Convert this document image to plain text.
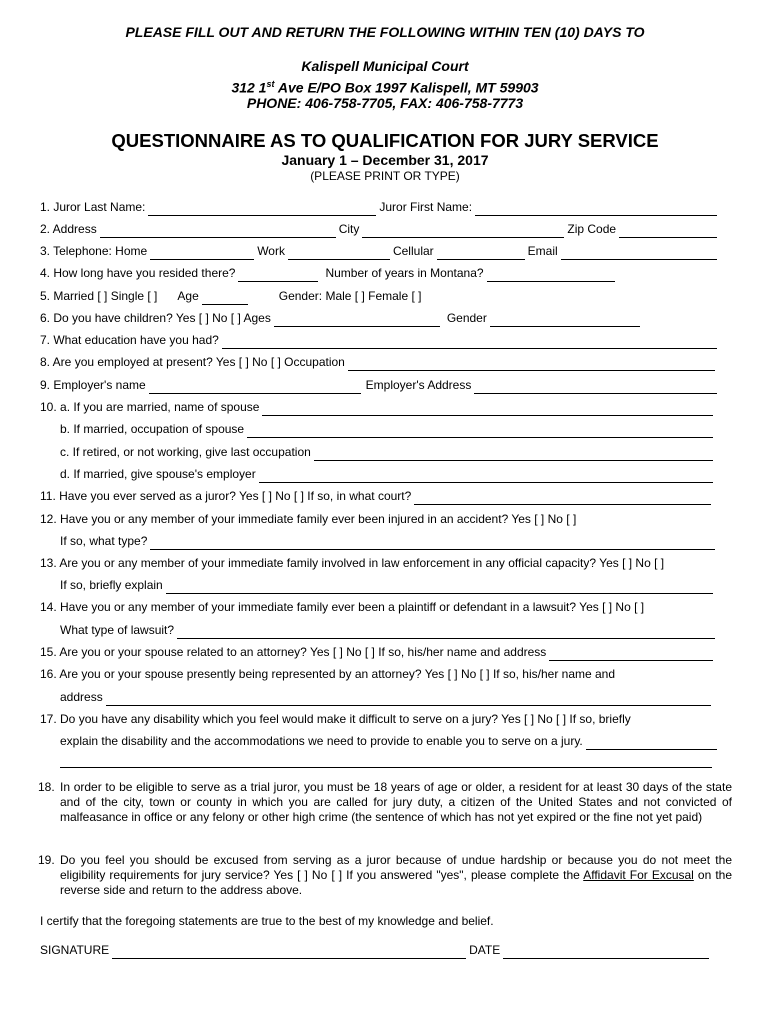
PLEASE FILL OUT AND RETURN THE FOLLOWING WITHIN TEN (10) DAYS TO
Kalispell Municipal Court
312 1st Ave E/PO Box 1997 Kalispell, MT 59903
PHONE: 406-758-7705, FAX: 406-758-7773
QUESTIONNAIRE AS TO QUALIFICATION FOR JURY SERVICE
January 1 – December 31, 2017
(PLEASE PRINT OR TYPE)
1. Juror Last Name:	Juror First Name:
2. Address	City	Zip Code
3. Telephone: Home	Work	Cellular	Email
4. How long have you resided there?	Number of years in Montana?
5. Married [ ] Single [ ] Age	Gender: Male [ ] Female [ ]
6. Do you have children? Yes [ ] No [ ] Ages	Gender
7. What education have you had?
8. Are you employed at present? Yes [ ] No [ ] Occupation
9. Employer's name	Employer's Address
10. a. If you are married, name of spouse
b. If married, occupation of spouse
c. If retired, or not working, give last occupation
d. If married, give spouse's employer
11. Have you ever served as a juror? Yes [ ] No [ ] If so, in what court?
12. Have you or any member of your immediate family ever been injured in an accident? Yes [ ] No [ ]
If so, what type?
13. Are you or any member of your immediate family involved in law enforcement in any official capacity? Yes [ ] No [ ]
If so, briefly explain
14. Have you or any member of your immediate family ever been a plaintiff or defendant in a lawsuit? Yes [ ] No [ ]
What type of lawsuit?
15. Are you or your spouse related to an attorney? Yes [ ] No [ ] If so, his/her name and address
16. Are you or your spouse presently being represented by an attorney? Yes [ ] No [ ] If so, his/her name and
address
17. Do you have any disability which you feel would make it difficult to serve on a jury? Yes [ ] No [ ] If so, briefly
explain the disability and the accommodations we need to provide to enable you to serve on a jury.
18. In order to be eligible to serve as a trial juror, you must be 18 years of age or older, a resident for at least 30 days of the state and of the city, town or county in which you are called for jury duty, a citizen of the United States and not convicted of malfeasance in office or any felony or other high crime (the sentence of which has not yet expired or the fine not yet paid)
19. Do you feel you should be excused from serving as a juror because of undue hardship or because you do not meet the eligibility requirements for jury service? Yes [ ] No [ ] If you answered "yes", please complete the Affidavit For Excusal on the reverse side and return to the address above.
I certify that the foregoing statements are true to the best of my knowledge and belief.
SIGNATURE	DATE
